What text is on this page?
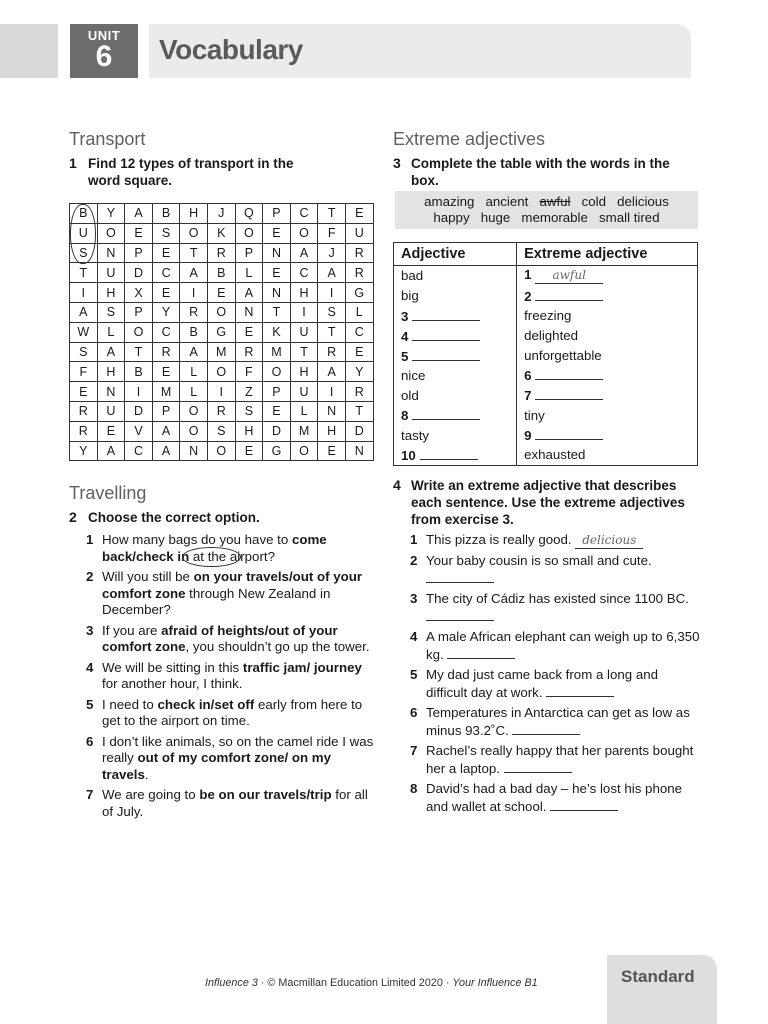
UNIT
6	Vocabulary
Transport
1 Find 12 types of transport in the word square.
B	Y	A	B	H	J	Q	P	C	T	E
U	O	E	S	O	K	O	E	O	F	U
S	N	P	E	T	R	P	N	A	J	R
T	U	D	C	A	B	L	E	C	A	R
I	H	X	E	I	E	A	N	H	I	G
A	S	P	Y	R	O	N	T	I	S	L
W	L	O	C	B	G	E	K	U	T	C
S	A	T	R	A	M	R	M	T	R	E
F	H	B	E	L	O	F	O	H	A	Y
E	N	I	M	L	I	Z	P	U	I	R
R	U	D	P	O	R	S	E	L	N	T
R	E	V	A	O	S	H	D	M	H	D
Y	A	C	A	N	O	E	G	O	E	N
Travelling
2 Choose the correct option.
1 How many bags do you have to come back/check in at the airport?
2 Will you still be on your travels/out of your comfort zone through New Zealand in December?
3 If you are afraid of heights/out of your comfort zone, you shouldn’t go up the tower.
4 We will be sitting in this traffic jam/ journey for another hour, I think.
5 I need to check in/set off early from here to get to the airport on time.
6 I don’t like animals, so on the camel ride I was really out of my comfort zone/ on my travels.
7 We are going to be on our travels/trip for all of July.
Extreme adjectives
3 Complete the table with the words in the box.
amazing ancient awful cold delicious
happy huge memorable small tired
Adjective	Extreme adjective
bad	1 awful
big	2
3	freezing
4	delighted
5	unforgettable
nice	6
old	7
8	tiny
tasty	9
10	exhausted
4 Write an extreme adjective that describes each sentence. Use the extreme adjectives from exercise 3.
1 This pizza is really good. delicious
2 Your baby cousin is so small and cute.
3 The city of Cádiz has existed since 1100 BC.
4 A male African elephant can weigh up to 6,350 kg.
5 My dad just came back from a long and difficult day at work.
6 Temperatures in Antarctica can get as low as minus 93.2˚C.
7 Rachel’s really happy that her parents bought her a laptop.
8 David’s had a bad day – he’s lost his phone and wallet at school.
Influence 3 · © Macmillan Education Limited 2020 · Your Influence B1	Standard
